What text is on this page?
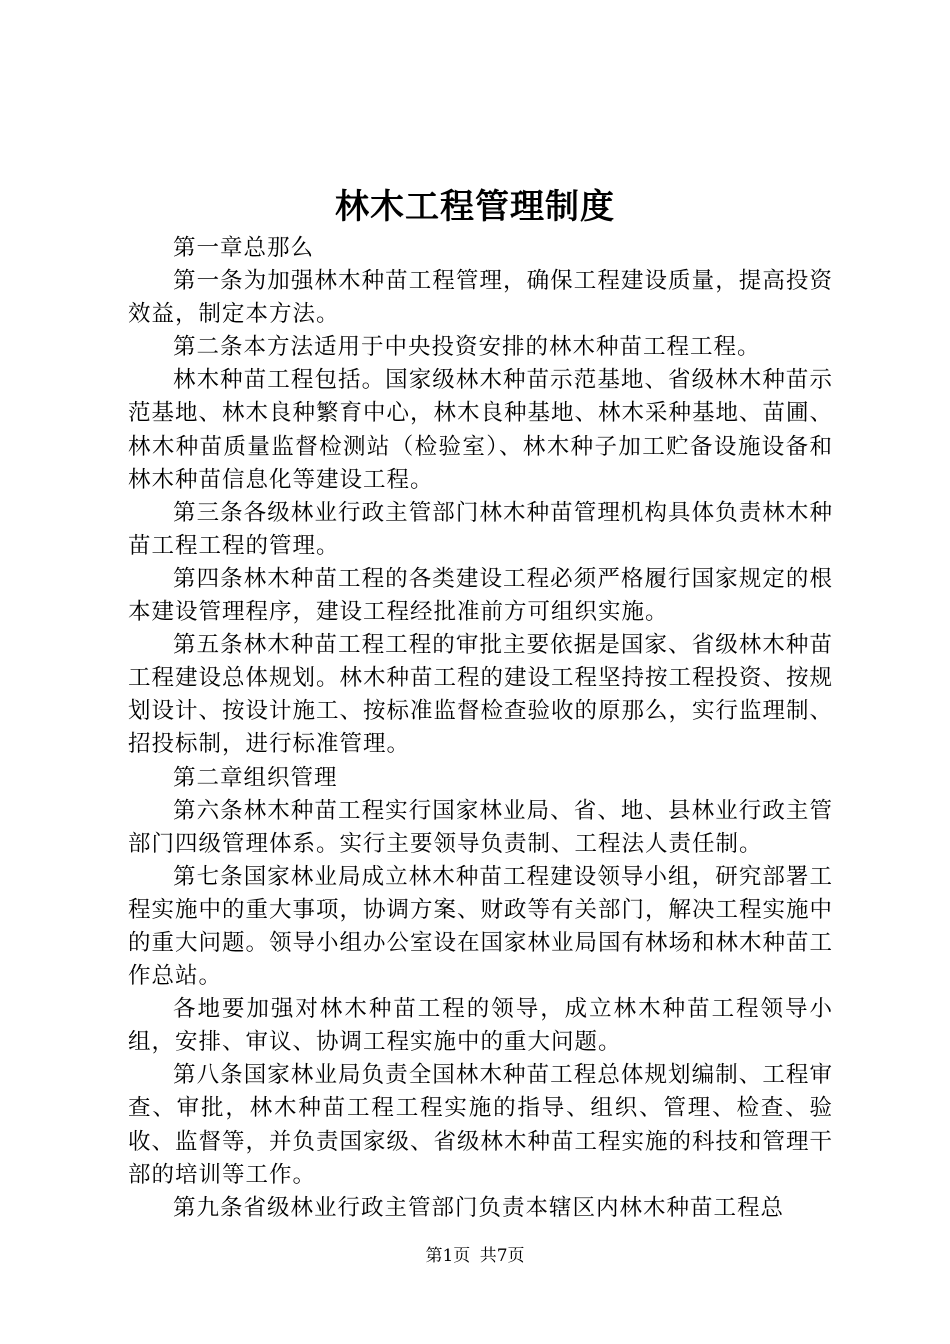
林木工程管理制度

第一章总那么

第一条为加强林木种苗工程管理，确保工程建设质量，提高投资效益，制定本方法。

第二条本方法适用于中央投资安排的林木种苗工程工程。

林木种苗工程包括。国家级林木种苗示范基地、省级林木种苗示范基地、林木良种繁育中心，林木良种基地、林木采种基地、苗圃、林木种苗质量监督检测站（检验室）、林木种子加工贮备设施设备和林木种苗信息化等建设工程。

第三条各级林业行政主管部门林木种苗管理机构具体负责林木种苗工程工程的管理。

第四条林木种苗工程的各类建设工程必须严格履行国家规定的根本建设管理程序，建设工程经批准前方可组织实施。

第五条林木种苗工程工程的审批主要依据是国家、省级林木种苗工程建设总体规划。林木种苗工程的建设工程坚持按工程投资、按规划设计、按设计施工、按标准监督检查验收的原那么，实行监理制、招投标制，进行标准管理。

第二章组织管理

第六条林木种苗工程实行国家林业局、省、地、县林业行政主管部门四级管理体系。实行主要领导负责制、工程法人责任制。

第七条国家林业局成立林木种苗工程建设领导小组，研究部署工程实施中的重大事项，协调方案、财政等有关部门，解决工程实施中的重大问题。领导小组办公室设在国家林业局国有林场和林木种苗工作总站。

各地要加强对林木种苗工程的领导，成立林木种苗工程领导小组，安排、审议、协调工程实施中的重大问题。

第八条国家林业局负责全国林木种苗工程总体规划编制、工程审查、审批，林木种苗工程工程实施的指导、组织、管理、检查、验收、监督等，并负责国家级、省级林木种苗工程实施的科技和管理干部的培训等工作。

第九条省级林业行政主管部门负责本辖区内林木种苗工程总

第1页 共7页
